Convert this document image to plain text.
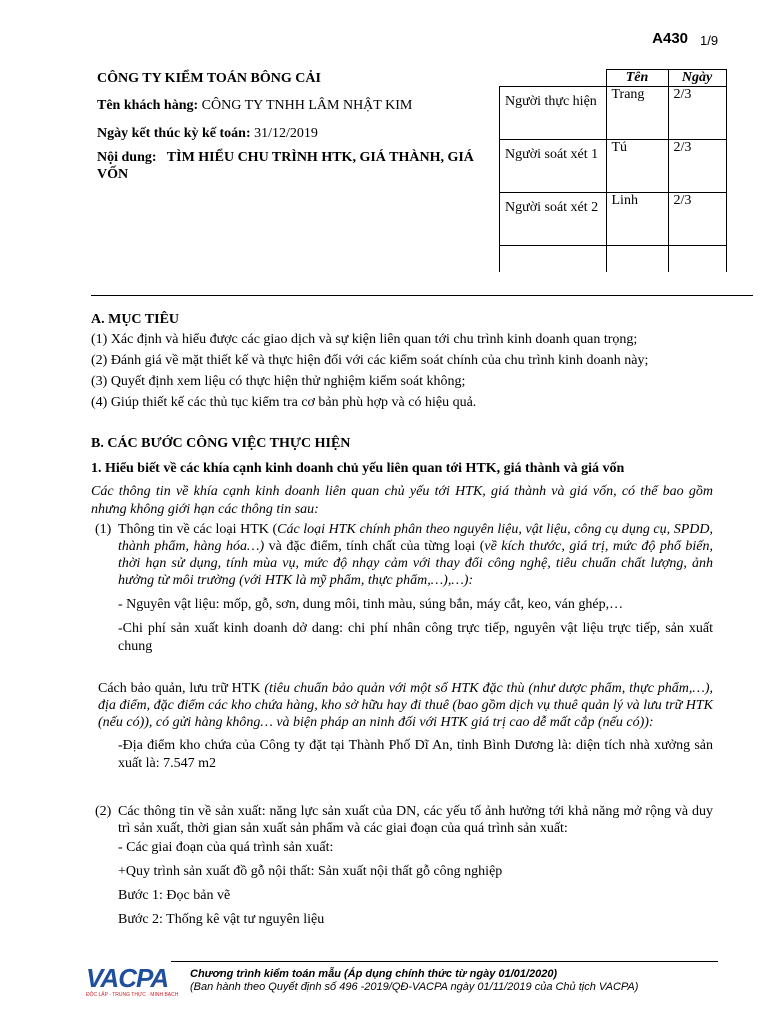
A430 1/9
CÔNG TY KIỂM TOÁN BÔNG CẢI
Tên khách hàng: CÔNG TY TNHH LÂM NHẬT KIM
Ngày kết thúc kỳ kế toán: 31/12/2019
Nội dung: TÌM HIỂU CHU TRÌNH HTK, GIÁ THÀNH, GIÁ VỐN
	Tên	Ngày
Người thực hiện	Trang	2/3
Người soát xét 1	Tú	2/3
Người soát xét 2	Linh	2/3

A. MỤC TIÊU

(1) Xác định và hiểu được các giao dịch và sự kiện liên quan tới chu trình kinh doanh quan trọng;

(2) Đánh giá về mặt thiết kế và thực hiện đối với các kiểm soát chính của chu trình kinh doanh này;

(3) Quyết định xem liệu có thực hiện thử nghiệm kiểm soát không;

(4) Giúp thiết kế các thủ tục kiểm tra cơ bản phù hợp và có hiệu quả.

B. CÁC BƯỚC CÔNG VIỆC THỰC HIỆN

1. Hiểu biết về các khía cạnh kinh doanh chủ yếu liên quan tới HTK, giá thành và giá vốn

Các thông tin về khía cạnh kinh doanh liên quan chủ yếu tới HTK, giá thành và giá vốn, có thể bao gồm nhưng không giới hạn các thông tin sau:

(1) Thông tin về các loại HTK (Các loại HTK chính phân theo nguyên liệu, vật liệu, công cụ dụng cụ, SPDD, thành phẩm, hàng hóa…) và đặc điểm, tính chất của từng loại (về kích thước, giá trị, mức độ phổ biến, thời hạn sử dụng, tính mùa vụ, mức độ nhạy cảm với thay đổi công nghệ, tiêu chuẩn chất lượng, ảnh hưởng từ môi trường (với HTK là mỹ phẩm, thực phẩm,…),…):

- Nguyên vật liệu: mốp, gỗ, sơn, dung môi, tinh màu, súng bắn, máy cắt, keo, ván ghép,…

-Chi phí sản xuất kinh doanh dở dang: chi phí nhân công trực tiếp, nguyên vật liệu trực tiếp, sản xuất chung

Cách bảo quản, lưu trữ HTK (tiêu chuẩn bảo quản với một số HTK đặc thù (như dược phẩm, thực phẩm,…), địa điểm, đặc điểm các kho chứa hàng, kho sở hữu hay đi thuê (bao gồm dịch vụ thuê quản lý và lưu trữ HTK (nếu có)), có gửi hàng không… và biện pháp an ninh đối với HTK giá trị cao dễ mất cắp (nếu có)):

-Địa điểm kho chứa của Công ty đặt tại Thành Phố Dĩ An, tỉnh Bình Dương là: diện tích nhà xưởng sản xuất là: 7.547 m2

(2) Các thông tin về sản xuất: năng lực sản xuất của DN, các yếu tố ảnh hưởng tới khả năng mở rộng và duy trì sản xuất, thời gian sản xuất sản phẩm và các giai đoạn của quá trình sản xuất:

- Các giai đoạn của quá trình sản xuất:

+Quy trình sản xuất đồ gỗ nội thất: Sản xuất nội thất gỗ công nghiệp

Bước 1: Đọc bản vẽ

Bước 2: Thống kê vật tư nguyên liệu

VACPA
ĐỘC LẬP · TRUNG THỰC · MINH BẠCH
Chương trình kiểm toán mẫu (Áp dụng chính thức từ ngày 01/01/2020)
(Ban hành theo Quyết định số 496 -2019/QĐ-VACPA ngày 01/11/2019 của Chủ tịch VACPA)
